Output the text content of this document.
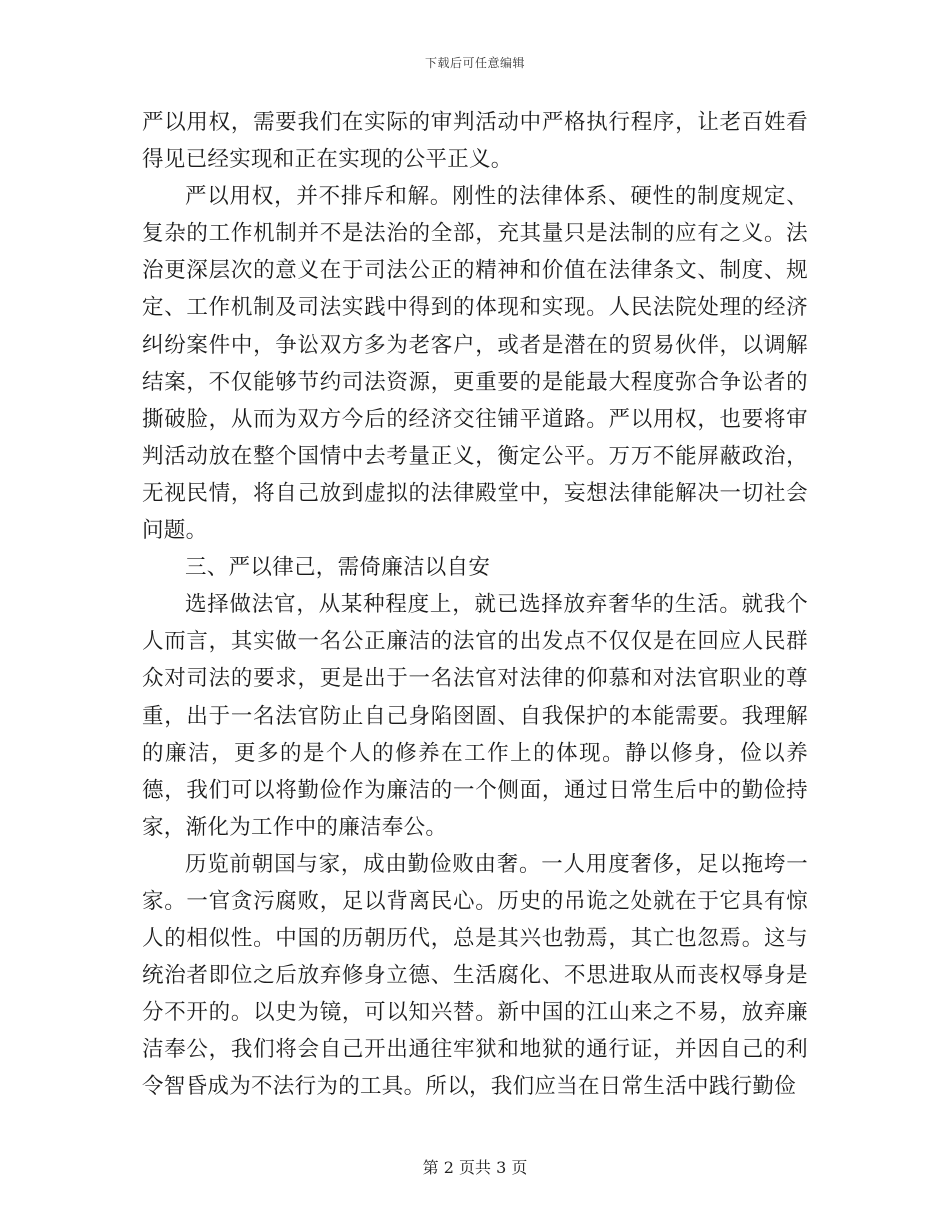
下载后可任意编辑

严以用权，需要我们在实际的审判活动中严格执行程序，让老百姓看得见已经实现和正在实现的公平正义。

严以用权，并不排斥和解。刚性的法律体系、硬性的制度规定、复杂的工作机制并不是法治的全部，充其量只是法制的应有之义。法治更深层次的意义在于司法公正的精神和价值在法律条文、制度、规定、工作机制及司法实践中得到的体现和实现。人民法院处理的经济纠纷案件中，争讼双方多为老客户，或者是潜在的贸易伙伴，以调解结案，不仅能够节约司法资源，更重要的是能最大程度弥合争讼者的撕破脸，从而为双方今后的经济交往铺平道路。严以用权，也要将审判活动放在整个国情中去考量正义，衡定公平。万万不能屏蔽政治，无视民情，将自己放到虚拟的法律殿堂中，妄想法律能解决一切社会问题。

三、严以律己，需倚廉洁以自安

选择做法官，从某种程度上，就已选择放弃奢华的生活。就我个人而言，其实做一名公正廉洁的法官的出发点不仅仅是在回应人民群众对司法的要求，更是出于一名法官对法律的仰慕和对法官职业的尊重，出于一名法官防止自己身陷囹圄、自我保护的本能需要。我理解的廉洁，更多的是个人的修养在工作上的体现。静以修身，俭以养德，我们可以将勤俭作为廉洁的一个侧面，通过日常生后中的勤俭持家，渐化为工作中的廉洁奉公。

历览前朝国与家，成由勤俭败由奢。一人用度奢侈，足以拖垮一家。一官贪污腐败，足以背离民心。历史的吊诡之处就在于它具有惊人的相似性。中国的历朝历代，总是其兴也勃焉，其亡也忽焉。这与统治者即位之后放弃修身立德、生活腐化、不思进取从而丧权辱身是分不开的。以史为镜，可以知兴替。新中国的江山来之不易，放弃廉洁奉公，我们将会自己开出通往牢狱和地狱的通行证，并因自己的利令智昏成为不法行为的工具。所以，我们应当在日常生活中践行勤俭

第 2 页共 3 页
